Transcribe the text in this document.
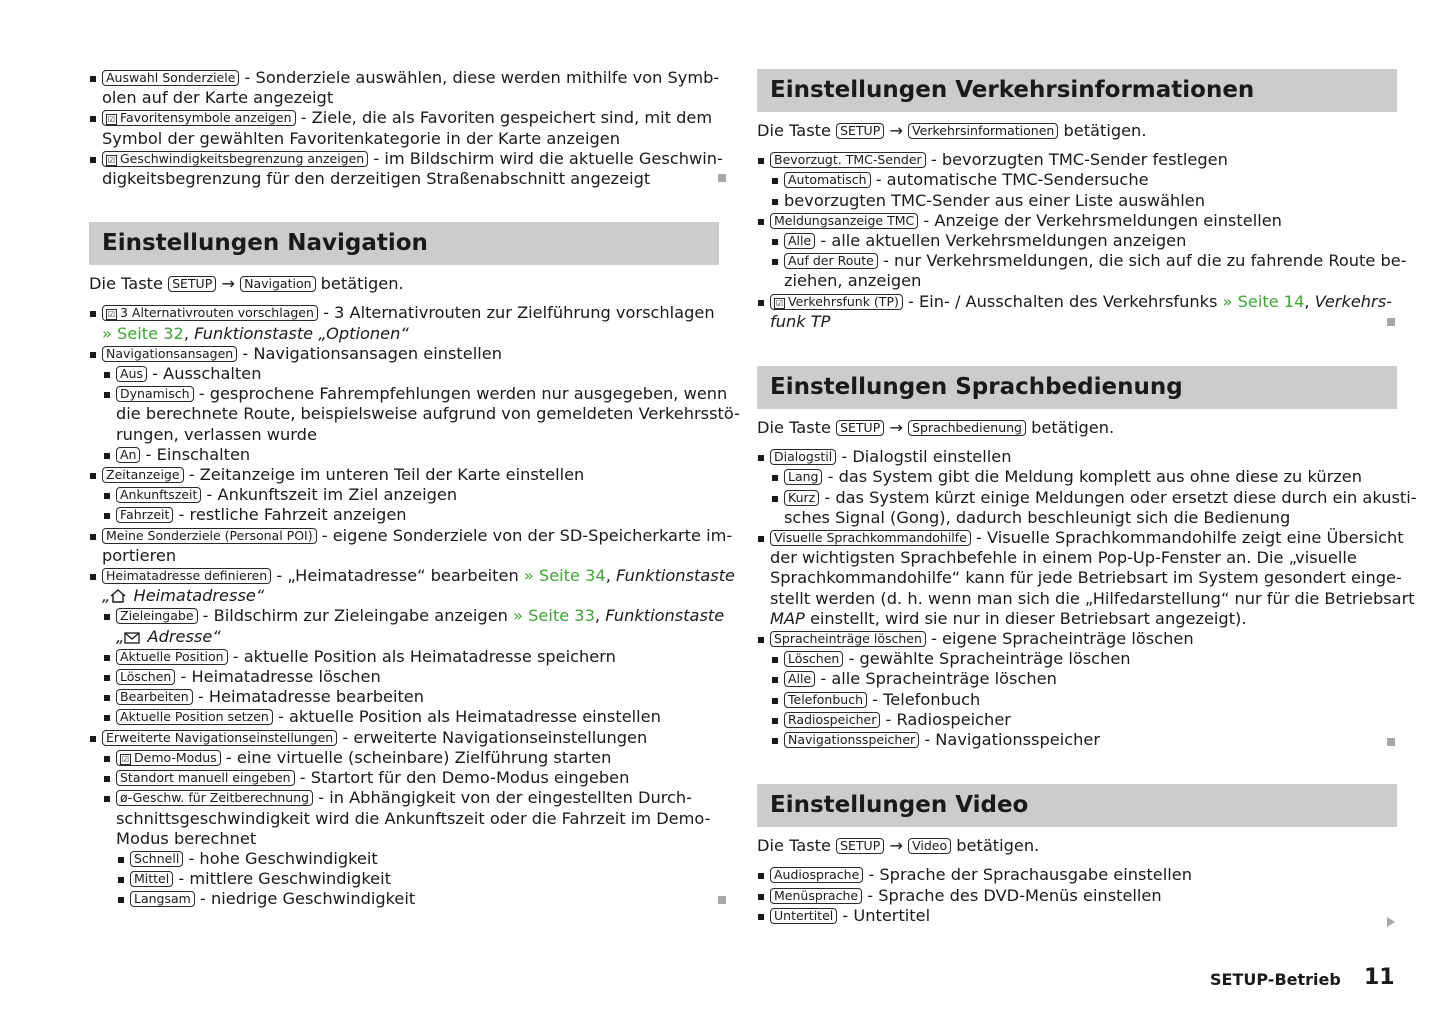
Auswahl Sonderziele - Sonderziele auswählen, diese werden mithilfe von Symb-
olen auf der Karte angezeigt
☑ Favoritensymbole anzeigen - Ziele, die als Favoriten gespeichert sind, mit dem
Symbol der gewählten Favoritenkategorie in der Karte anzeigen
☑ Geschwindigkeitsbegrenzung anzeigen - im Bildschirm wird die aktuelle Geschwin-
digkeitsbegrenzung für den derzeitigen Straßenabschnitt angezeigt
Einstellungen Navigation
Die Taste SETUP → Navigation betätigen.
☑ 3 Alternativrouten vorschlagen - 3 Alternativrouten zur Zielführung vorschlagen
» Seite 32, Funktionstaste „Optionen“
Navigationsansagen - Navigationsansagen einstellen
Aus - Ausschalten
Dynamisch - gesprochene Fahrempfehlungen werden nur ausgegeben, wenn
die berechnete Route, beispielsweise aufgrund von gemeldeten Verkehrsstö-
rungen, verlassen wurde
An - Einschalten
Zeitanzeige - Zeitanzeige im unteren Teil der Karte einstellen
Ankunftszeit - Ankunftszeit im Ziel anzeigen
Fahrzeit - restliche Fahrzeit anzeigen
Meine Sonderziele (Personal POI) - eigene Sonderziele von der SD-Speicherkarte im-
portieren
Heimatadresse definieren - „Heimatadresse“ bearbeiten » Seite 34, Funktionstaste
„ Heimatadresse“
Zieleingabe - Bildschirm zur Zieleingabe anzeigen » Seite 33, Funktionstaste
„ Adresse“
Aktuelle Position - aktuelle Position als Heimatadresse speichern
Löschen - Heimatadresse löschen
Bearbeiten - Heimatadresse bearbeiten
Aktuelle Position setzen - aktuelle Position als Heimatadresse einstellen
Erweiterte Navigationseinstellungen - erweiterte Navigationseinstellungen
☑ Demo-Modus - eine virtuelle (scheinbare) Zielführung starten
Standort manuell eingeben - Startort für den Demo-Modus eingeben
ø-Geschw. für Zeitberechnung - in Abhängigkeit von der eingestellten Durch-
schnittsgeschwindigkeit wird die Ankunftszeit oder die Fahrzeit im Demo-
Modus berechnet
Schnell - hohe Geschwindigkeit
Mittel - mittlere Geschwindigkeit
Langsam - niedrige Geschwindigkeit
Einstellungen Verkehrsinformationen
Die Taste SETUP → Verkehrsinformationen betätigen.
Bevorzugt. TMC-Sender - bevorzugten TMC-Sender festlegen
Automatisch - automatische TMC-Sendersuche
bevorzugten TMC-Sender aus einer Liste auswählen
Meldungsanzeige TMC - Anzeige der Verkehrsmeldungen einstellen
Alle - alle aktuellen Verkehrsmeldungen anzeigen
Auf der Route - nur Verkehrsmeldungen, die sich auf die zu fahrende Route be-
ziehen, anzeigen
☑ Verkehrsfunk (TP) - Ein- / Ausschalten des Verkehrsfunks » Seite 14, Verkehrs-
funk TP
Einstellungen Sprachbedienung
Die Taste SETUP → Sprachbedienung betätigen.
Dialogstil - Dialogstil einstellen
Lang - das System gibt die Meldung komplett aus ohne diese zu kürzen
Kurz - das System kürzt einige Meldungen oder ersetzt diese durch ein akusti-
sches Signal (Gong), dadurch beschleunigt sich die Bedienung
Visuelle Sprachkommandohilfe - Visuelle Sprachkommandohilfe zeigt eine Übersicht
der wichtigsten Sprachbefehle in einem Pop-Up-Fenster an. Die „visuelle
Sprachkommandohilfe“ kann für jede Betriebsart im System gesondert einge-
stellt werden (d. h. wenn man sich die „Hilfedarstellung“ nur für die Betriebsart
MAP einstellt, wird sie nur in dieser Betriebsart angezeigt).
Spracheinträge löschen - eigene Spracheinträge löschen
Löschen - gewählte Spracheinträge löschen
Alle - alle Spracheinträge löschen
Telefonbuch - Telefonbuch
Radiospeicher - Radiospeicher
Navigationsspeicher - Navigationsspeicher
Einstellungen Video
Die Taste SETUP → Video betätigen.
Audiosprache - Sprache der Sprachausgabe einstellen
Menüsprache - Sprache des DVD-Menüs einstellen
Untertitel - Untertitel
SETUP-Betrieb 11
